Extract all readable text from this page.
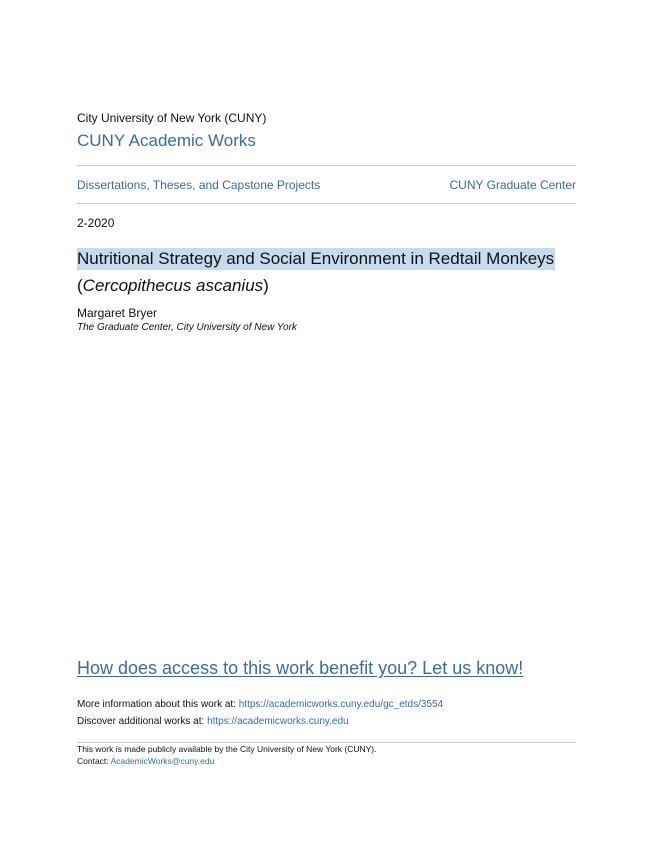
City University of New York (CUNY)
CUNY Academic Works
Dissertations, Theses, and Capstone Projects	CUNY Graduate Center
2-2020
Nutritional Strategy and Social Environment in Redtail Monkeys
(Cercopithecus ascanius)
Margaret Bryer
The Graduate Center, City University of New York
How does access to this work benefit you? Let us know!
More information about this work at: https://academicworks.cuny.edu/gc_etds/3554
Discover additional works at: https://academicworks.cuny.edu
This work is made publicly available by the City University of New York (CUNY).
Contact: AcademicWorks@cuny.edu
